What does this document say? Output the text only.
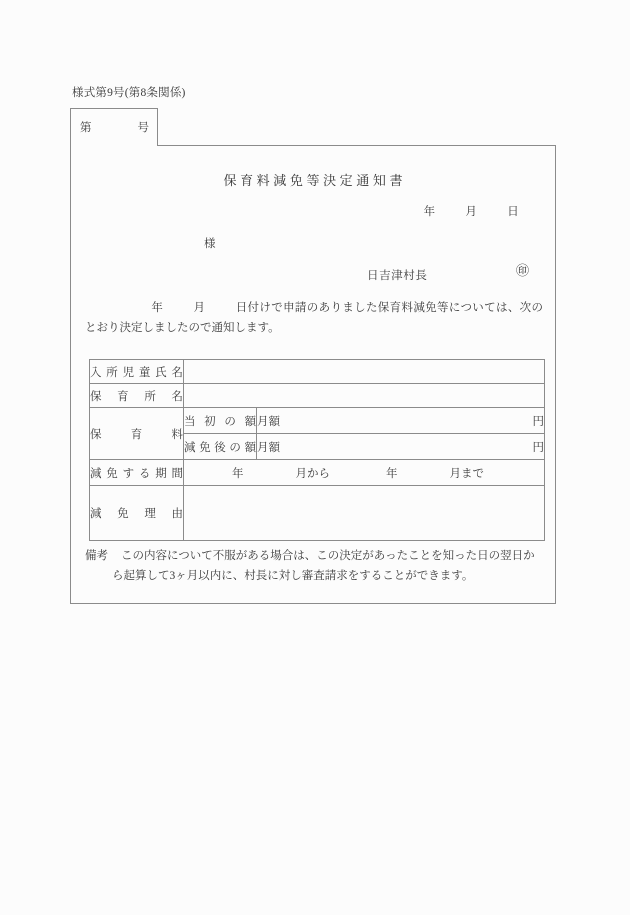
様式第9号(第8条関係)
第	号
保育料減免等決定通知書
年	月	日
様
日吉津村長	㊞
年	月	日付けで申請のありました保育料減免等については、次のとおり決定しましたので通知します。
入所児童氏名		
保育所名		
保育料	当初の額	月額 円

	減免後の額	月額 円

減免する期間	年 月から 年 月まで	
減免理由		
備考 この内容について不服がある場合は、この決定があったことを知った日の翌日か
ら起算して3ヶ月以内に、村長に対し審査請求をすることができます。
